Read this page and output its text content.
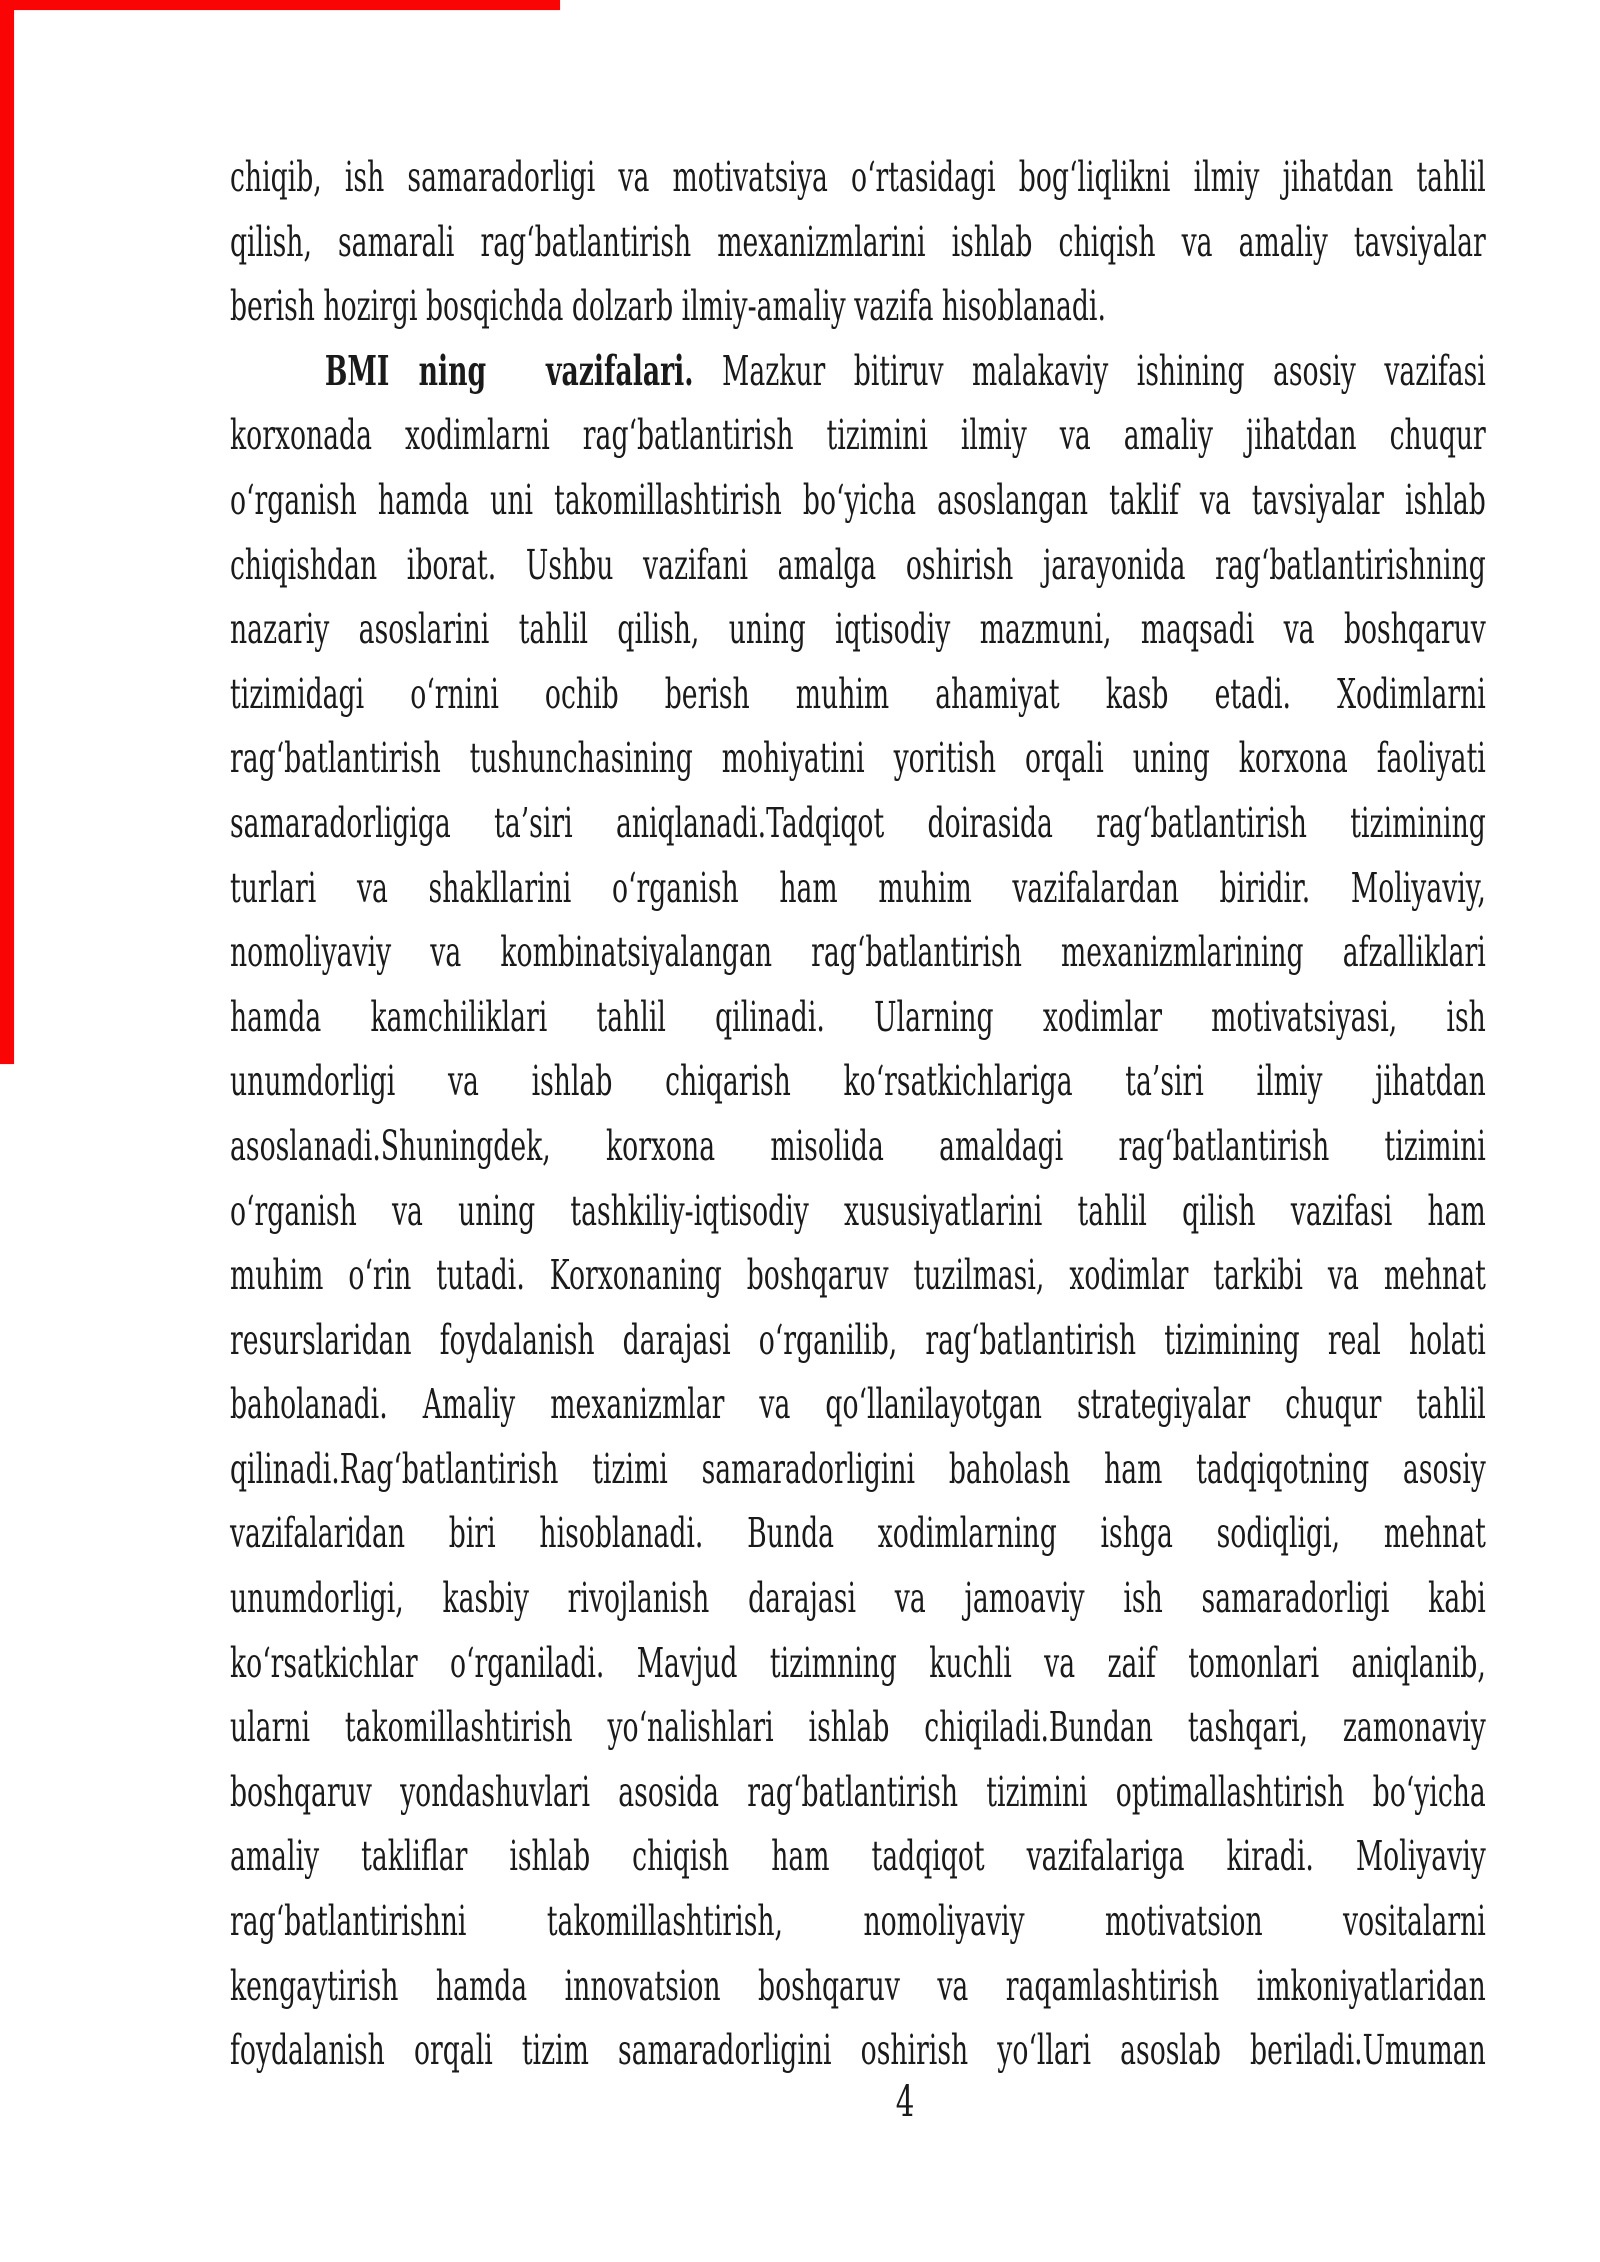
chiqib, ish samaradorligi va motivatsiya oʻrtasidagi bogʻliqlikni ilmiy jihatdan tahlil
qilish, samarali ragʻbatlantirish mexanizmlarini ishlab chiqish va amaliy tavsiyalar
berish hozirgi bosqichda dolzarb ilmiy-amaliy vazifa hisoblanadi.
BMI ning vazifalari. Mazkur bitiruv malakaviy ishining asosiy vazifasi
korxonada xodimlarni ragʻbatlantirish tizimini ilmiy va amaliy jihatdan chuqur
oʻrganish hamda uni takomillashtirish boʻyicha asoslangan taklif va tavsiyalar ishlab
chiqishdan iborat. Ushbu vazifani amalga oshirish jarayonida ragʻbatlantirishning
nazariy asoslarini tahlil qilish, uning iqtisodiy mazmuni, maqsadi va boshqaruv
tizimidagi oʻrnini ochib berish muhim ahamiyat kasb etadi. Xodimlarni
ragʻbatlantirish tushunchasining mohiyatini yoritish orqali uning korxona faoliyati
samaradorligiga ta’siri aniqlanadi.Tadqiqot doirasida ragʻbatlantirish tizimining
turlari va shakllarini oʻrganish ham muhim vazifalardan biridir. Moliyaviy,
nomoliyaviy va kombinatsiyalangan ragʻbatlantirish mexanizmlarining afzalliklari
hamda kamchiliklari tahlil qilinadi. Ularning xodimlar motivatsiyasi, ish
unumdorligi va ishlab chiqarish koʻrsatkichlariga ta’siri ilmiy jihatdan
asoslanadi.Shuningdek, korxona misolida amaldagi ragʻbatlantirish tizimini
oʻrganish va uning tashkiliy-iqtisodiy xususiyatlarini tahlil qilish vazifasi ham
muhim oʻrin tutadi. Korxonaning boshqaruv tuzilmasi, xodimlar tarkibi va mehnat
resurslaridan foydalanish darajasi oʻrganilib, ragʻbatlantirish tizimining real holati
baholanadi. Amaliy mexanizmlar va qoʻllanilayotgan strategiyalar chuqur tahlil
qilinadi.Ragʻbatlantirish tizimi samaradorligini baholash ham tadqiqotning asosiy
vazifalaridan biri hisoblanadi. Bunda xodimlarning ishga sodiqligi, mehnat
unumdorligi, kasbiy rivojlanish darajasi va jamoaviy ish samaradorligi kabi
koʻrsatkichlar oʻrganiladi. Mavjud tizimning kuchli va zaif tomonlari aniqlanib,
ularni takomillashtirish yoʻnalishlari ishlab chiqiladi.Bundan tashqari, zamonaviy
boshqaruv yondashuvlari asosida ragʻbatlantirish tizimini optimallashtirish boʻyicha
amaliy takliflar ishlab chiqish ham tadqiqot vazifalariga kiradi. Moliyaviy
ragʻbatlantirishni takomillashtirish, nomoliyaviy motivatsion vositalarni
kengaytirish hamda innovatsion boshqaruv va raqamlashtirish imkoniyatlaridan
foydalanish orqali tizim samaradorligini oshirish yoʻllari asoslab beriladi.Umuman
4
